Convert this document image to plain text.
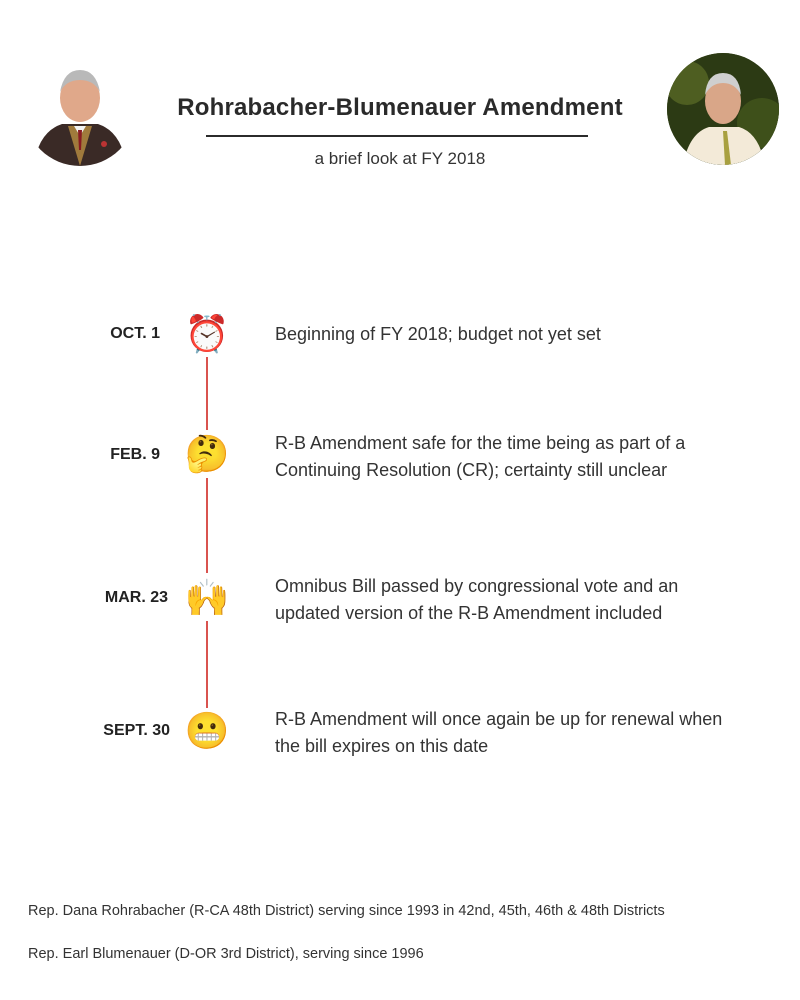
Rohrabacher-Blumenauer Amendment
a brief look at FY 2018
OCT. 1 ⏰	Beginning of FY 2018; budget not yet set
FEB. 9 🤔	R-B Amendment safe for the time being as part of a Continuing Resolution (CR); certainty still unclear
MAR. 23 🙌	Omnibus Bill passed by congressional vote and an updated version of the R-B Amendment included
SEPT. 30 😬	R-B Amendment will once again be up for renewal when the bill expires on this date
Rep. Dana Rohrabacher (R-CA 48th District) serving since 1993 in 42nd, 45th, 46th & 48th Districts
Rep. Earl Blumenauer (D-OR 3rd District), serving since 1996
